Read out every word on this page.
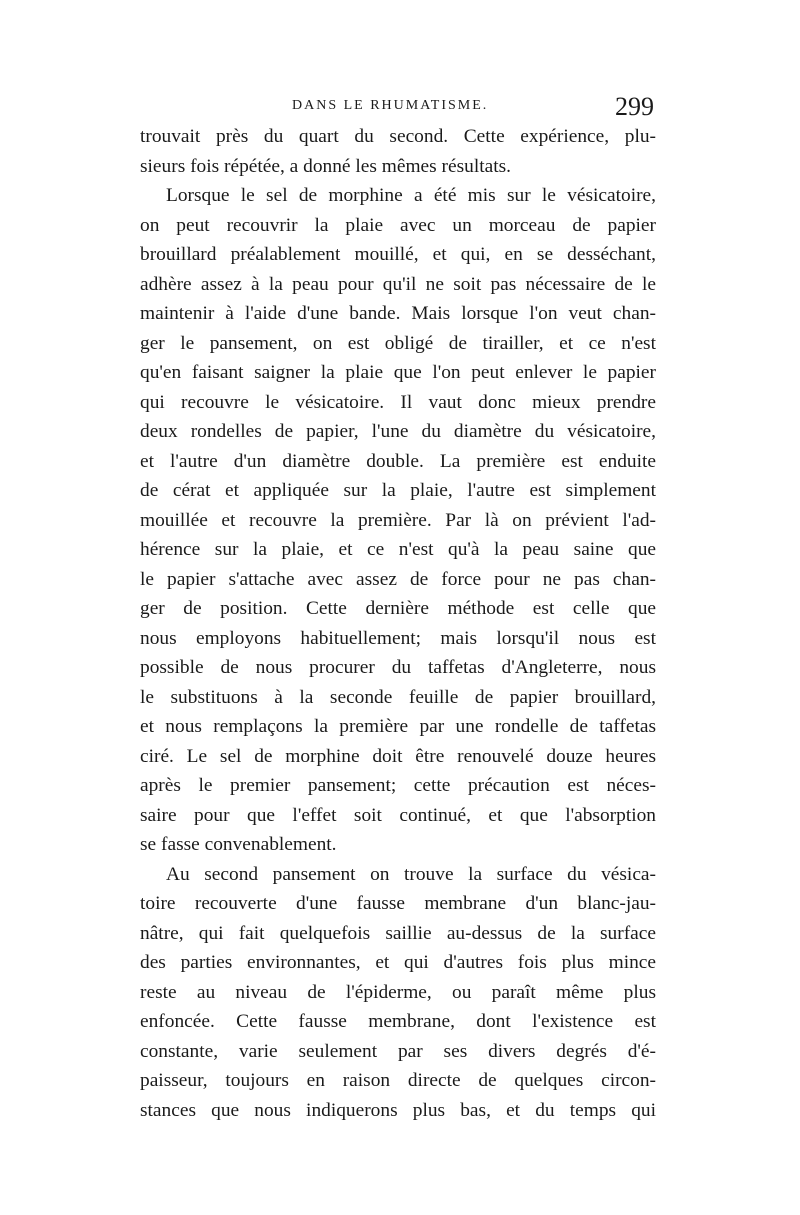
DANS LE RHUMATISME.	299
trouvait près du quart du second. Cette expérience, plu-
sieurs fois répétée, a donné les mêmes résultats.
Lorsque le sel de morphine a été mis sur le vésicatoire,
on peut recouvrir la plaie avec un morceau de papier
brouillard préalablement mouillé, et qui, en se desséchant,
adhère assez à la peau pour qu'il ne soit pas nécessaire de le
maintenir à l'aide d'une bande. Mais lorsque l'on veut chan-
ger le pansement, on est obligé de tirailler, et ce n'est
qu'en faisant saigner la plaie que l'on peut enlever le papier
qui recouvre le vésicatoire. Il vaut donc mieux prendre
deux rondelles de papier, l'une du diamètre du vésicatoire,
et l'autre d'un diamètre double. La première est enduite
de cérat et appliquée sur la plaie, l'autre est simplement
mouillée et recouvre la première. Par là on prévient l'ad-
hérence sur la plaie, et ce n'est qu'à la peau saine que
le papier s'attache avec assez de force pour ne pas chan-
ger de position. Cette dernière méthode est celle que
nous employons habituellement; mais lorsqu'il nous est
possible de nous procurer du taffetas d'Angleterre, nous
le substituons à la seconde feuille de papier brouillard,
et nous remplaçons la première par une rondelle de taffetas
ciré. Le sel de morphine doit être renouvelé douze heures
après le premier pansement; cette précaution est néces-
saire pour que l'effet soit continué, et que l'absorption
se fasse convenablement.
Au second pansement on trouve la surface du vésica-
toire recouverte d'une fausse membrane d'un blanc-jau-
nâtre, qui fait quelquefois saillie au-dessus de la surface
des parties environnantes, et qui d'autres fois plus mince
reste au niveau de l'épiderme, ou paraît même plus
enfoncée. Cette fausse membrane, dont l'existence est
constante, varie seulement par ses divers degrés d'é-
paisseur, toujours en raison directe de quelques circon-
stances que nous indiquerons plus bas, et du temps qui
